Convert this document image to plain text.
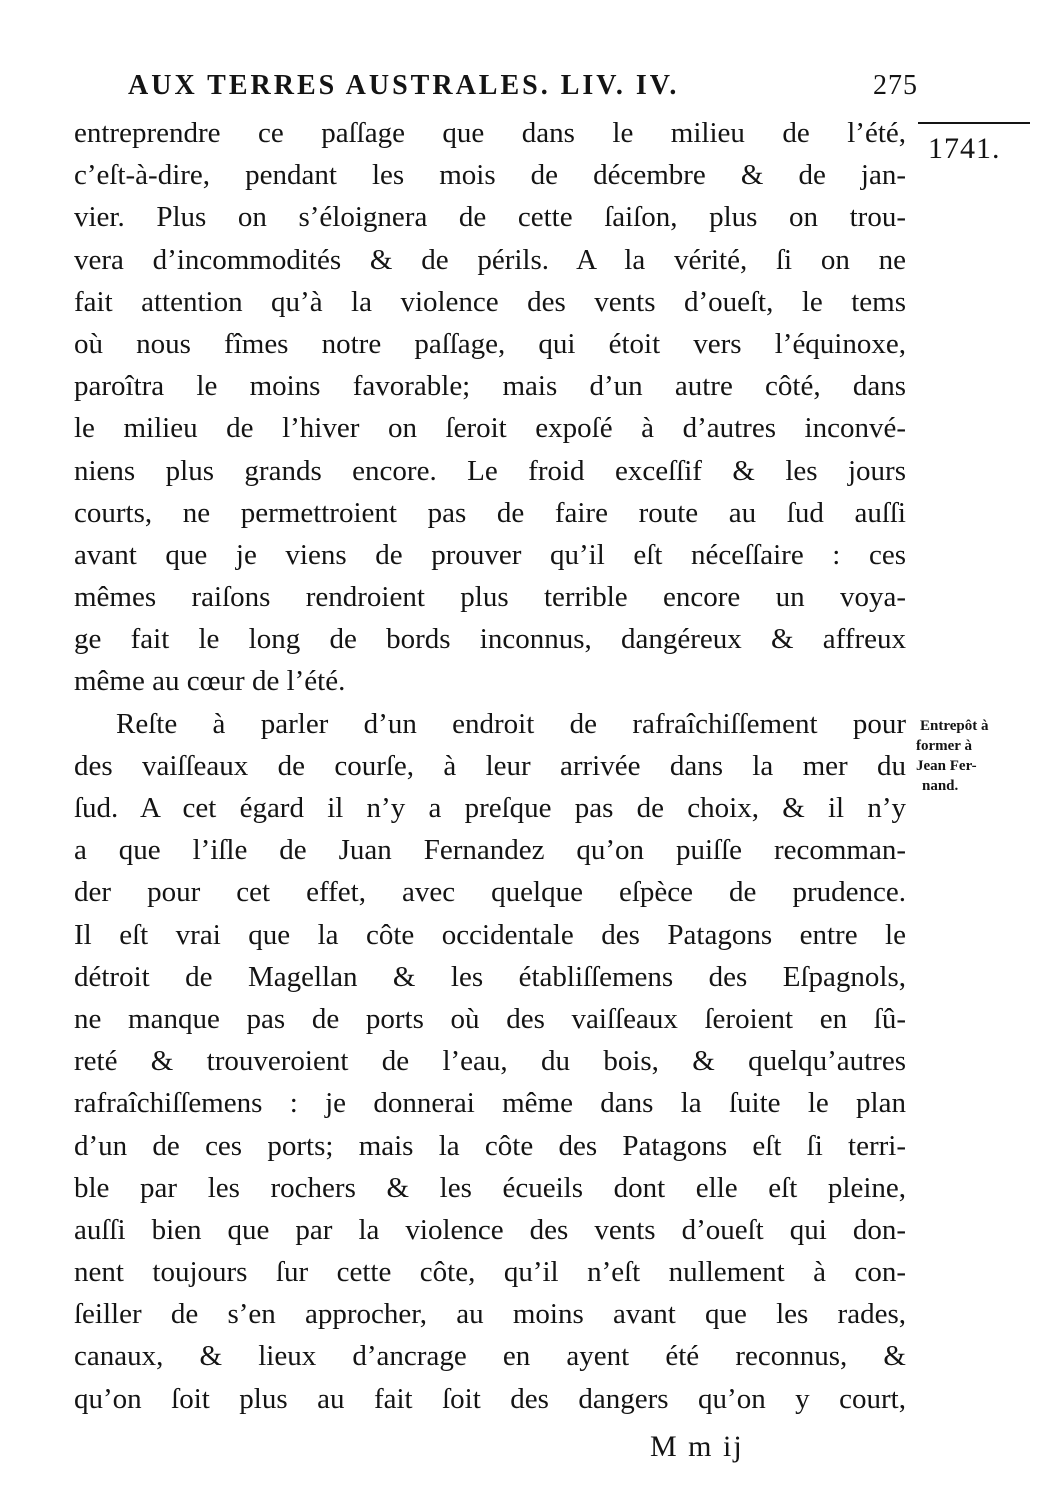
AUX TERRES AUSTRALES. LIV. IV.	275
1741.
entreprendre ce paſſage que dans le milieu de l’été,
c’eſt-à-dire, pendant les mois de décembre & de jan-
vier. Plus on s’éloignera de cette ſaiſon, plus on trou-
vera d’incommodités & de périls. A la vérité, ſi on ne
fait attention qu’à la violence des vents d’oueſt, le tems
où nous fîmes notre paſſage, qui étoit vers l’équinoxe,
paroîtra le moins favorable; mais d’un autre côté, dans
le milieu de l’hiver on ſeroit expoſé à d’autres inconvé-
niens plus grands encore. Le froid exceſſif & les jours
courts, ne permettroient pas de faire route au ſud auſſi
avant que je viens de prouver qu’il eſt néceſſaire : ces
mêmes raiſons rendroient plus terrible encore un voya-
ge fait le long de bords inconnus, dangéreux & affreux
même au cœur de l’été.
Reſte à parler d’un endroit de rafraîchiſſement pour
des vaiſſeaux de courſe, à leur arrivée dans la mer du
ſud. A cet égard il n’y a preſque pas de choix, & il n’y
a que l’iſle de Juan Fernandez qu’on puiſſe recomman-
der pour cet effet, avec quelque eſpèce de prudence.
Il eſt vrai que la côte occidentale des Patagons entre le
détroit de Magellan & les établiſſemens des Eſpagnols,
ne manque pas de ports où des vaiſſeaux ſeroient en ſû-
reté & trouveroient de l’eau, du bois, & quelqu’autres
rafraîchiſſemens : je donnerai même dans la ſuite le plan
d’un de ces ports; mais la côte des Patagons eſt ſi terri-
ble par les rochers & les écueils dont elle eſt pleine,
auſſi bien que par la violence des vents d’oueſt qui don-
nent toujours ſur cette côte, qu’il n’eſt nullement à con-
ſeiller de s’en approcher, au moins avant que les rades,
canaux, & lieux d’ancrage en ayent été reconnus, &
qu’on ſoit plus au fait ſoit des dangers qu’on y court,
Entrepôt à
former à
Jean Fer-
nand.
M m ij
